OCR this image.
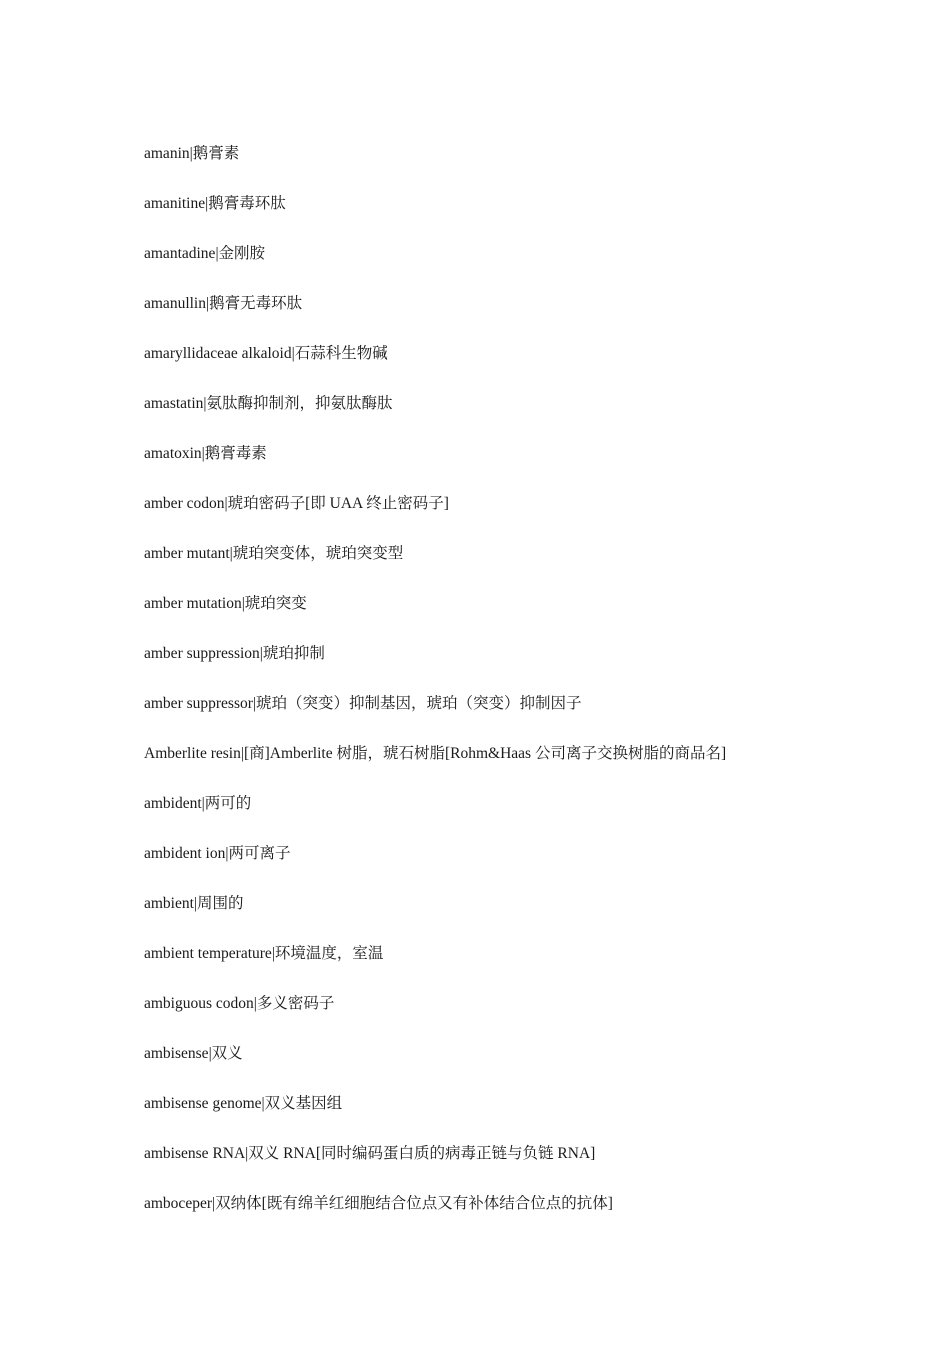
amanin|鹅膏素
amanitine|鹅膏毒环肽
amantadine|金刚胺
amanullin|鹅膏无毒环肽
amaryllidaceae alkaloid|石蒜科生物碱
amastatin|氨肽酶抑制剂，抑氨肽酶肽
amatoxin|鹅膏毒素
amber codon|琥珀密码子[即 UAA 终止密码子]
amber mutant|琥珀突变体，琥珀突变型
amber mutation|琥珀突变
amber suppression|琥珀抑制
amber suppressor|琥珀（突变）抑制基因，琥珀（突变）抑制因子
Amberlite resin|[商]Amberlite 树脂，琥石树脂[Rohm&Haas 公司离子交换树脂的商品名]
ambident|两可的
ambident ion|两可离子
ambient|周围的
ambient temperature|环境温度，室温
ambiguous codon|多义密码子
ambisense|双义
ambisense genome|双义基因组
ambisense RNA|双义 RNA[同时编码蛋白质的病毒正链与负链 RNA]
amboceper|双纳体[既有绵羊红细胞结合位点又有补体结合位点的抗体]
